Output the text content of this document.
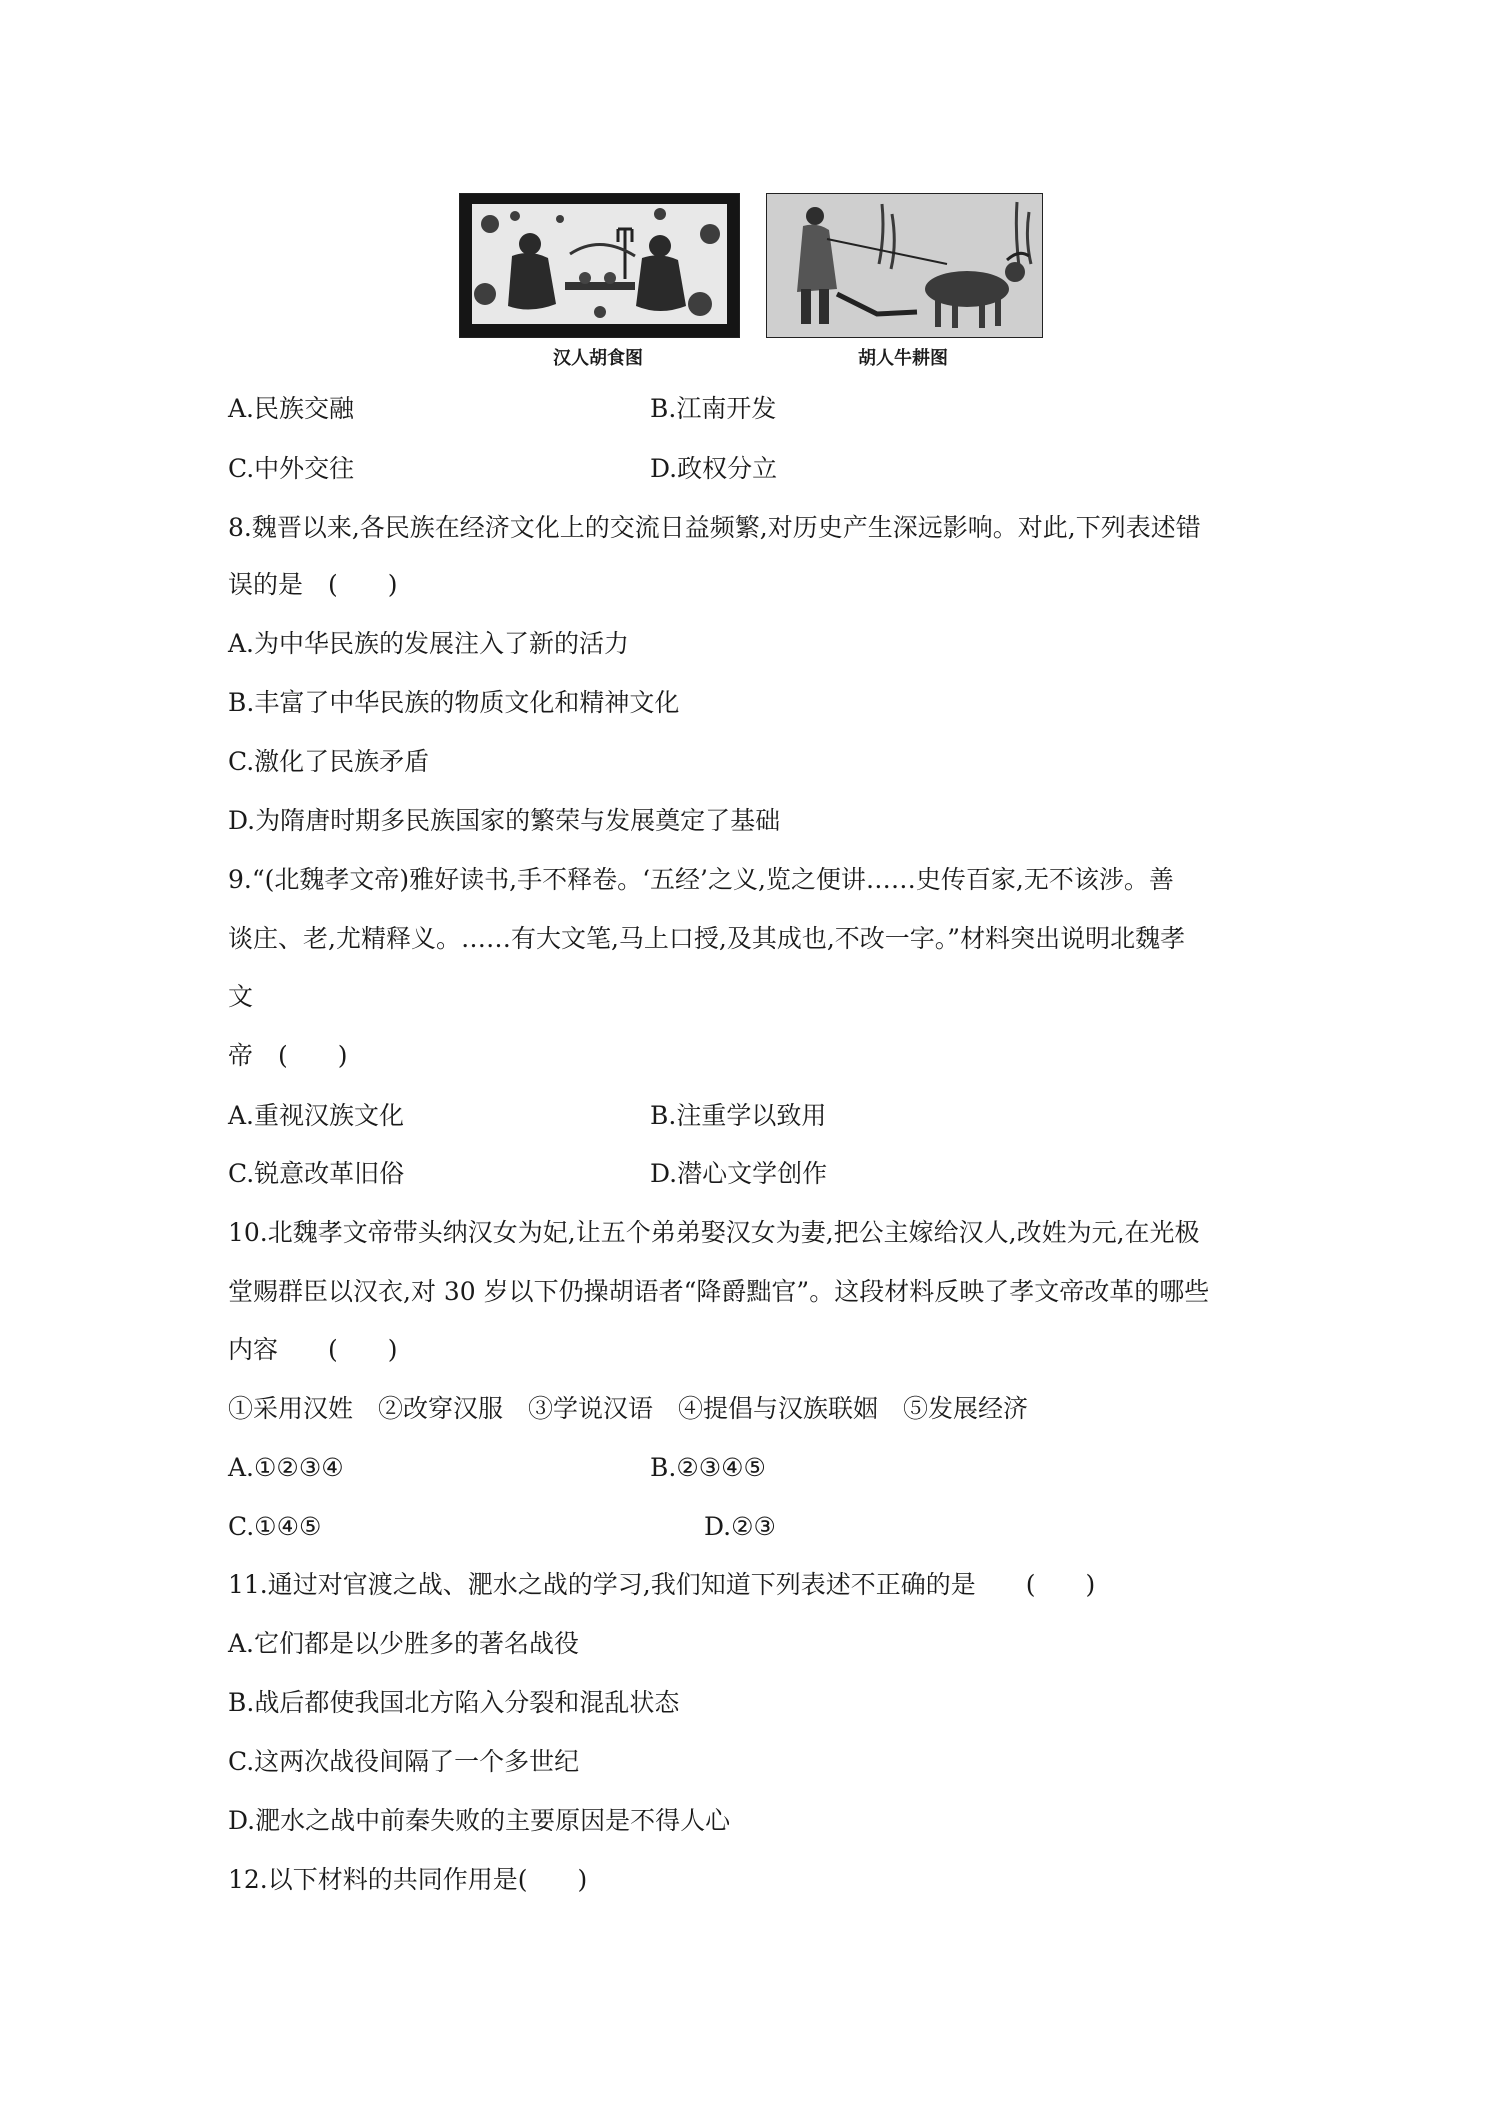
汉人胡食图	胡人牛耕图
A.民族交融	B.江南开发
C.中外交往	D.政权分立
8.魏晋以来,各民族在经济文化上的交流日益频繁,对历史产生深远影响。对此,下列表述错
误的是　(　　)
A.为中华民族的发展注入了新的活力
B.丰富了中华民族的物质文化和精神文化
C.激化了民族矛盾
D.为隋唐时期多民族国家的繁荣与发展奠定了基础
9.“(北魏孝文帝)雅好读书,手不释卷。‘五经’之义,览之便讲……史传百家,无不该涉。善
谈庄、老,尤精释义。……有大文笔,马上口授,及其成也,不改一字。”材料突出说明北魏孝
文
帝　(　　)
A.重视汉族文化	B.注重学以致用
C.锐意改革旧俗	D.潜心文学创作
10.北魏孝文帝带头纳汉女为妃,让五个弟弟娶汉女为妻,把公主嫁给汉人,改姓为元,在光极
堂赐群臣以汉衣,对 30 岁以下仍操胡语者“降爵黜官”。这段材料反映了孝文帝改革的哪些
内容　　(　　)
①采用汉姓　②改穿汉服　③学说汉语　④提倡与汉族联姻　⑤发展经济
A.①②③④	B.②③④⑤
C.①④⑤	D.②③
11.通过对官渡之战、淝水之战的学习,我们知道下列表述不正确的是　　(　　)
A.它们都是以少胜多的著名战役
B.战后都使我国北方陷入分裂和混乱状态
C.这两次战役间隔了一个多世纪
D.淝水之战中前秦失败的主要原因是不得人心
12.以下材料的共同作用是(　　)
